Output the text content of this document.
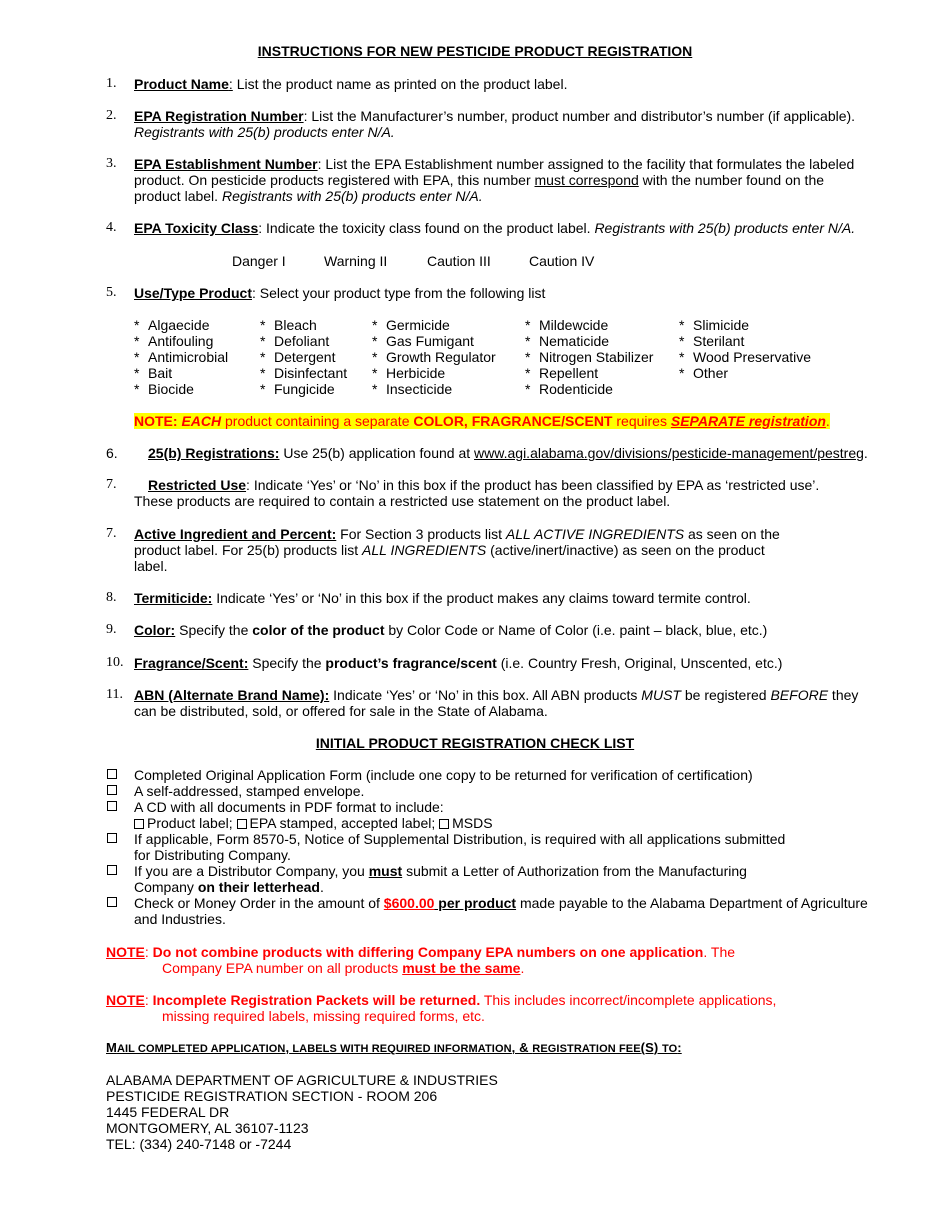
INSTRUCTIONS FOR NEW PESTICIDE PRODUCT REGISTRATION
1.	Product Name: List the product name as printed on the product label.
2.	EPA Registration Number: List the Manufacturer’s number, product number and distributor’s number (if applicable).
Registrants with 25(b) products enter N/A.
3.	EPA Establishment Number: List the EPA Establishment number assigned to the facility that formulates the labeled
product. On pesticide products registered with EPA, this number must correspond with the number found on the
product label. Registrants with 25(b) products enter N/A.
4.	EPA Toxicity Class: Indicate the toxicity class found on the product label. Registrants with 25(b) products enter N/A.
Danger I	Warning II	Caution III	Caution IV
5.	Use/Type Product: Select your product type from the following list
* Algaecide
* Antifouling
* Antimicrobial
* Bait
* Biocide
* Bleach
* Defoliant
* Detergent
* Disinfectant
* Fungicide
* Germicide
* Gas Fumigant
* Growth Regulator
* Herbicide
* Insecticide
* Mildewcide
* Nematicide
* Nitrogen Stabilizer
* Repellent
* Rodenticide
* Slimicide
* Sterilant
* Wood Preservative
* Other
NOTE: EACH product containing a separate COLOR, FRAGRANCE/SCENT requires SEPARATE registration.
6. 25(b) Registrations: Use 25(b) application found at www.agi.alabama.gov/divisions/pesticide-management/pestreg.
7.	Restricted Use: Indicate ‘Yes’ or ‘No’ in this box if the product has been classified by EPA as ‘restricted use’.
These products are required to contain a restricted use statement on the product label.
7.	Active Ingredient and Percent: For Section 3 products list ALL ACTIVE INGREDIENTS as seen on the
product label. For 25(b) products list ALL INGREDIENTS (active/inert/inactive) as seen on the product
label.
8.	Termiticide: Indicate ‘Yes’ or ‘No’ in this box if the product makes any claims toward termite control.
9.	Color: Specify the color of the product by Color Code or Name of Color (i.e. paint – black, blue, etc.)
10. Fragrance/Scent: Specify the product’s fragrance/scent (i.e. Country Fresh, Original, Unscented, etc.)
11. ABN (Alternate Brand Name): Indicate ‘Yes’ or ‘No’ in this box. All ABN products MUST be registered BEFORE they
can be distributed, sold, or offered for sale in the State of Alabama.
INITIAL PRODUCT REGISTRATION CHECK LIST
Completed Original Application Form (include one copy to be returned for verification of certification)
A self-addressed, stamped envelope.
A CD with all documents in PDF format to include:
Product label; EPA stamped, accepted label; MSDS
If applicable, Form 8570-5, Notice of Supplemental Distribution, is required with all applications submitted
for Distributing Company.
If you are a Distributor Company, you must submit a Letter of Authorization from the Manufacturing
Company on their letterhead.
Check or Money Order in the amount of $600.00 per product made payable to the Alabama Department of Agriculture
and Industries.
NOTE: Do not combine products with differing Company EPA numbers on one application. The
Company EPA number on all products must be the same.
NOTE: Incomplete Registration Packets will be returned. This includes incorrect/incomplete applications,
missing required labels, missing required forms, etc.
MAIL COMPLETED APPLICATION, LABELS WITH REQUIRED INFORMATION, & REGISTRATION FEE(S) TO:
ALABAMA DEPARTMENT OF AGRICULTURE & INDUSTRIES
PESTICIDE REGISTRATION SECTION - ROOM 206
1445 FEDERAL DR
MONTGOMERY, AL 36107-1123
TEL: (334) 240-7148 or -7244
